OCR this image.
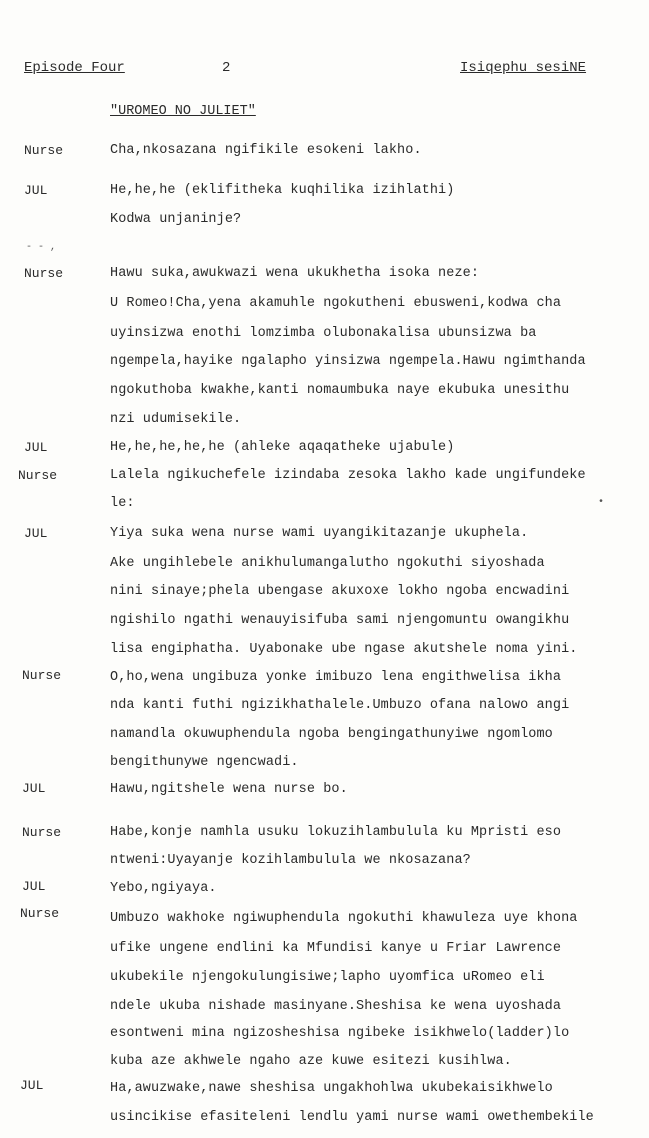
Episode Four	2	Isiqephu sesiNE
"UROMEO NO JULIET"
- - ,
•
Nurse	Cha,nkosazana ngifikile esokeni lakho.
JUL	He,he,he (eklifitheka kuqhilika izihlathi)
Kodwa unjaninje?
Nurse	Hawu suka,awukwazi wena ukukhetha isoka neze:
U Romeo!Cha,yena akamuhle ngokutheni ebusweni,kodwa cha
uyinsizwa enothi lomzimba olubonakalisa ubunsizwa ba
ngempela,hayike ngalapho yinsizwa ngempela.Hawu ngimthanda
ngokuthoba kwakhe,kanti nomaumbuka naye ekubuka unesithu
nzi udumisekile.
JUL	He,he,he,he,he (ahleke aqaqatheke ujabule)
Nurse	Lalela ngikuchefele izindaba zesoka lakho kade ungifundeke
le:
JUL	Yiya suka wena nurse wami uyangikitazanje ukuphela.
Ake ungihlebele anikhulumangalutho ngokuthi siyoshada
nini sinaye;phela ubengase akuxoxe lokho ngoba encwadini
ngishilo ngathi wenauyisifuba sami njengomuntu owangikhu
lisa engiphatha. Uyabonake ube ngase akutshele noma yini.
Nurse	O,ho,wena ungibuza yonke imibuzo lena engithwelisa ikha
nda kanti futhi ngizikhathalele.Umbuzo ofana nalowo angi
namandla okuwuphendula ngoba bengingathunyiwe ngomlomo
bengithunywe ngencwadi.
JUL	Hawu,ngitshele wena nurse bo.
Nurse	Habe,konje namhla usuku lokuzihlambulula ku Mpristi eso
ntweni:Uyayanje kozihlambulula we nkosazana?
JUL	Yebo,ngiyaya.
Nurse	Umbuzo wakhoke ngiwuphendula ngokuthi khawuleza uye khona
ufike ungene endlini ka Mfundisi kanye u Friar Lawrence
ukubekile njengokulungisiwe;lapho uyomfica uRomeo eli
ndele ukuba nishade masinyane.Sheshisa ke wena uyoshada
esontweni mina ngizosheshisa ngibeke isikhwelo(ladder)lo
kuba aze akhwele ngaho aze kuwe esitezi kusihlwa.
JUL	Ha,awuzwake,nawe sheshisa ungakhohlwa ukubekaisikhwelo
usincikise efasiteleni lendlu yami nurse wami owethembekile
